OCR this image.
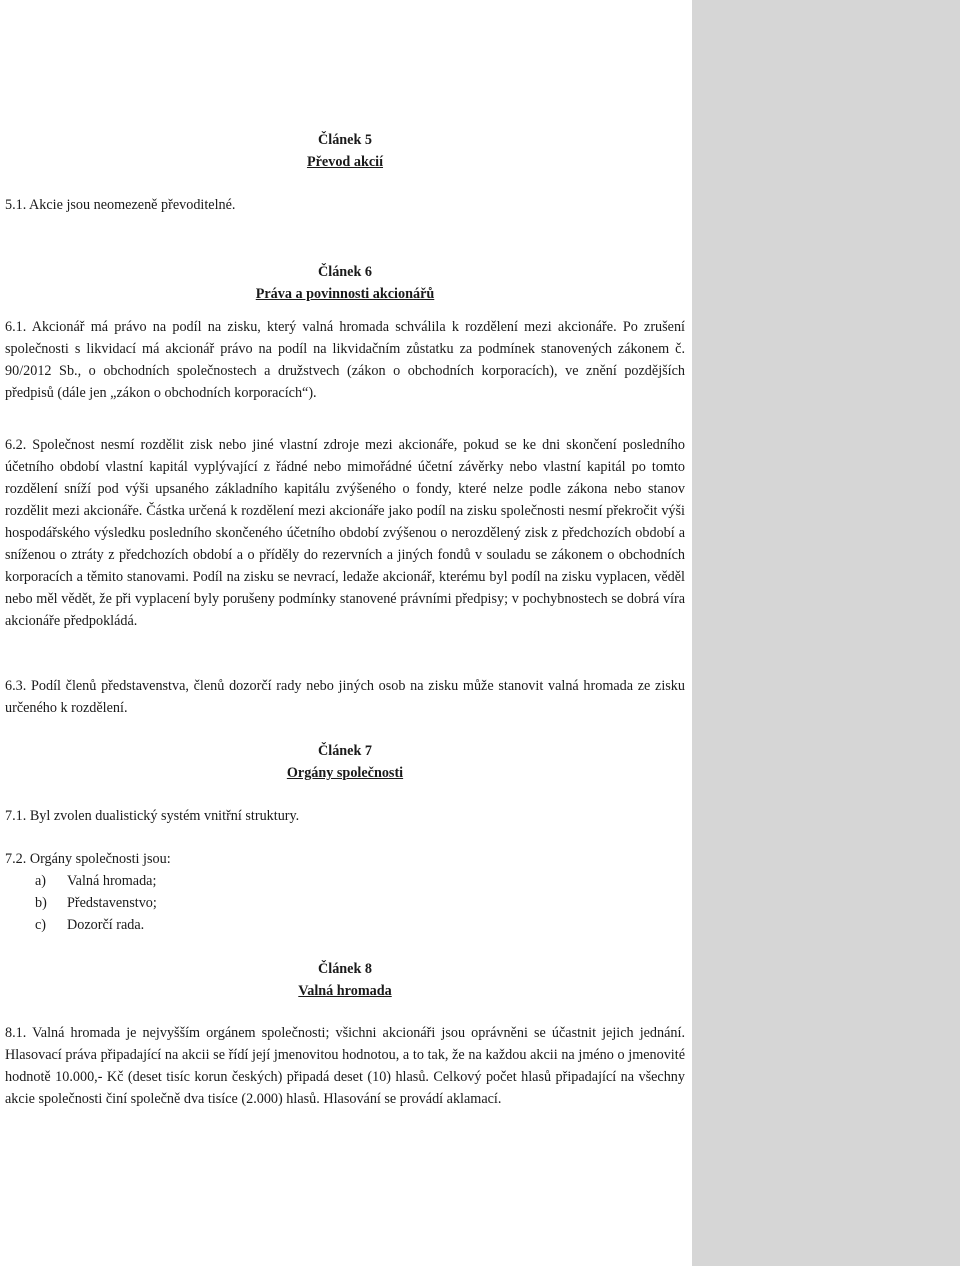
Článek 5
Převod akcií

5.1. Akcie jsou neomezeně převoditelné.

Článek 6
Práva a povinnosti akcionářů

6.1. Akcionář má právo na podíl na zisku, který valná hromada schválila k rozdělení mezi akcionáře. Po zrušení společnosti s likvidací má akcionář právo na podíl na likvidačním zůstatku za podmínek stanovených zákonem č. 90/2012 Sb., o obchodních společnostech a družstvech (zákon o obchodních korporacích), ve znění pozdějších předpisů (dále jen „zákon o obchodních korporacích“).

6.2. Společnost nesmí rozdělit zisk nebo jiné vlastní zdroje mezi akcionáře, pokud se ke dni skončení posledního účetního období vlastní kapitál vyplývající z řádné nebo mimořádné účetní závěrky nebo vlastní kapitál po tomto rozdělení sníží pod výši upsaného základního kapitálu zvýšeného o fondy, které nelze podle zákona nebo stanov rozdělit mezi akcionáře. Částka určená k rozdělení mezi akcionáře jako podíl na zisku společnosti nesmí překročit výši hospodářského výsledku posledního skončeného účetního období zvýšenou o nerozdělený zisk z předchozích období a sníženou o ztráty z předchozích období a o příděly do rezervních a jiných fondů v souladu se zákonem o obchodních korporacích a těmito stanovami. Podíl na zisku se nevrací, ledaže akcionář, kterému byl podíl na zisku vyplacen, věděl nebo měl vědět, že při vyplacení byly porušeny podmínky stanovené právními předpisy; v pochybnostech se dobrá víra akcionáře předpokládá.

6.3. Podíl členů představenstva, členů dozorčí rady nebo jiných osob na zisku může stanovit valná hromada ze zisku určeného k rozdělení.

Článek 7
Orgány společnosti

7.1. Byl zvolen dualistický systém vnitřní struktury.

7.2. Orgány společnosti jsou:

a) Valná hromada;
b) Představenstvo;
c) Dozorčí rada.
Článek 8
Valná hromada

8.1. Valná hromada je nejvyšším orgánem společnosti; všichni akcionáři jsou oprávněni se účastnit jejich jednání. Hlasovací práva připadající na akcii se řídí její jmenovitou hodnotou, a to tak, že na každou akcii na jméno o jmenovité hodnotě 10.000,- Kč (deset tisíc korun českých) připadá deset (10) hlasů. Celkový počet hlasů připadající na všechny akcie společnosti činí společně dva tisíce (2.000) hlasů. Hlasování se provádí aklamací.
